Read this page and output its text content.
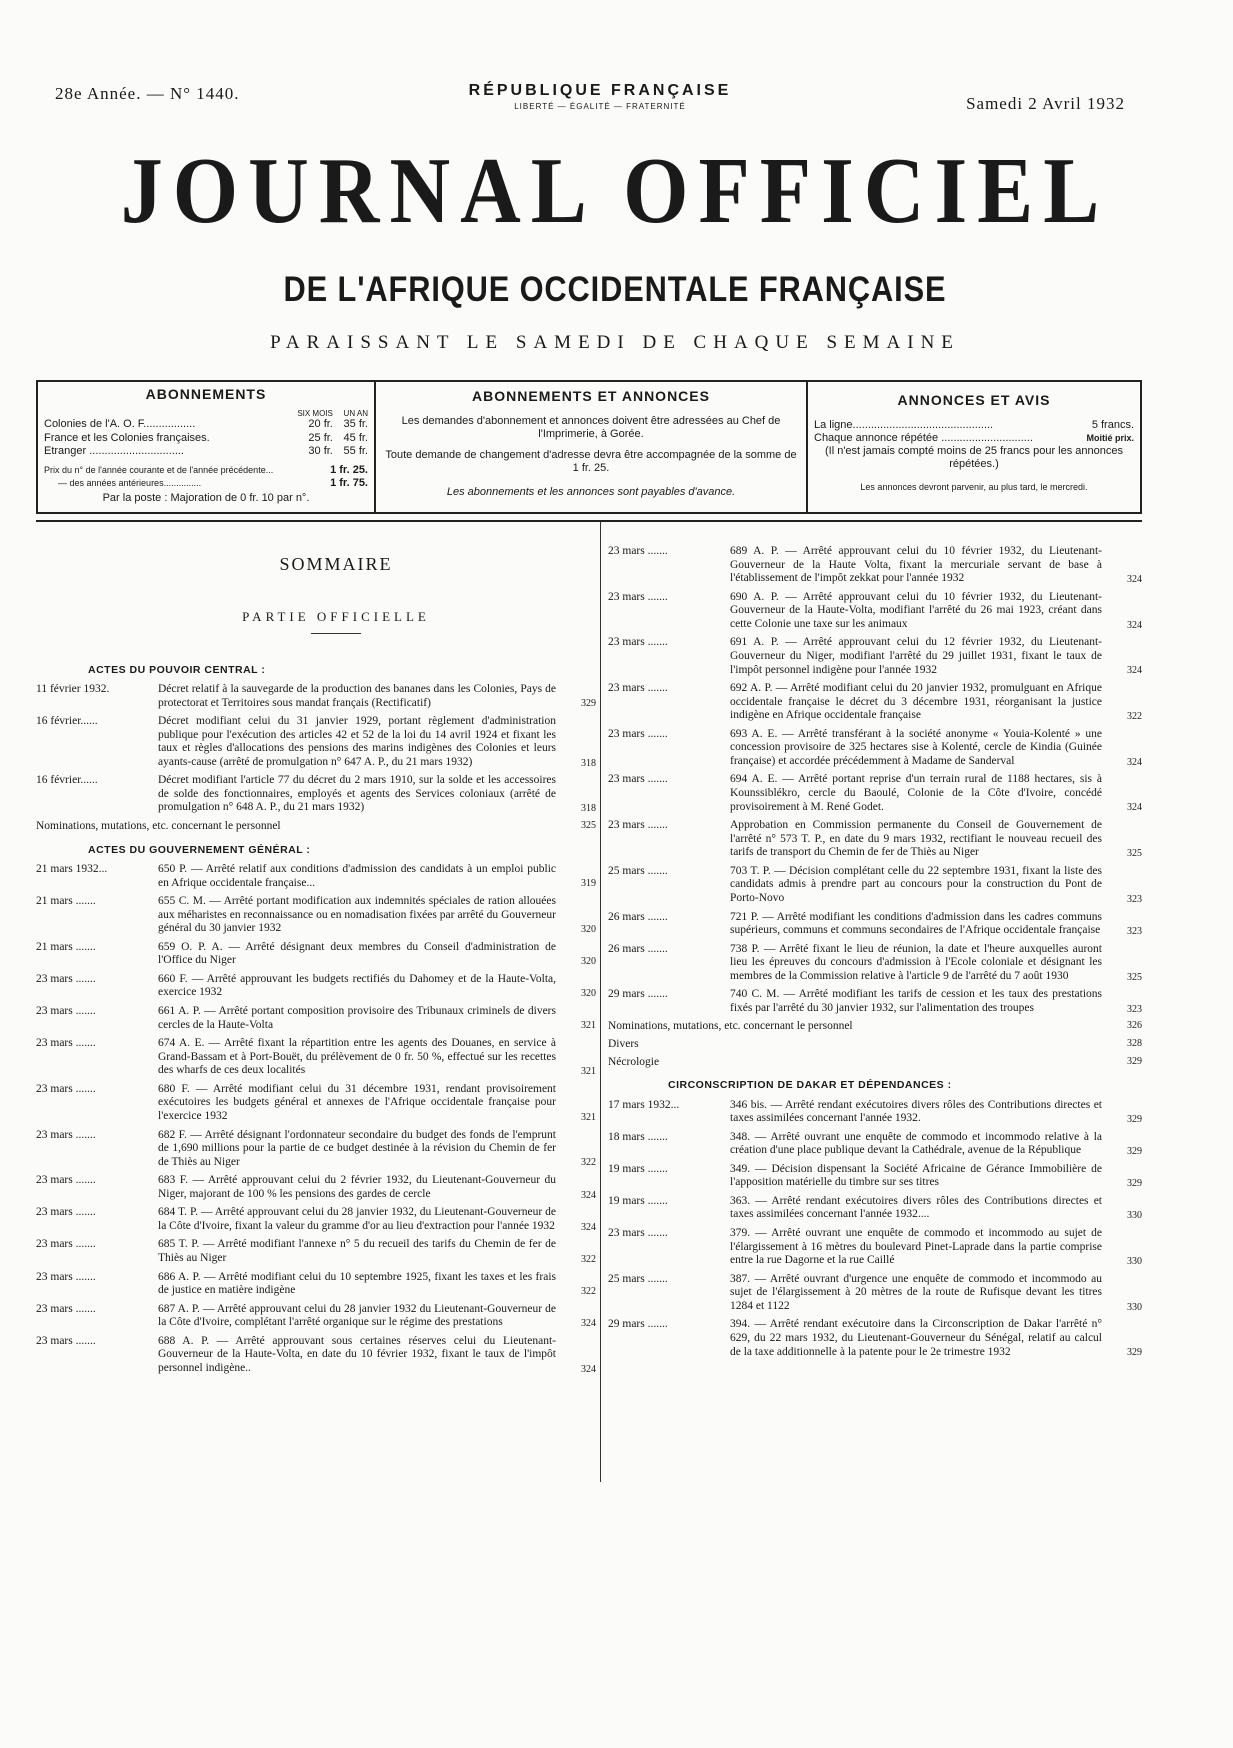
28e Année. — N° 1440.	RÉPUBLIQUE FRANÇAISE
LIBERTÉ — ÉGALITÉ — FRATERNITÉ	Samedi 2 Avril 1932
JOURNAL OFFICIEL
DE L'AFRIQUE OCCIDENTALE FRANÇAISE
PARAISSANT LE SAMEDI DE CHAQUE SEMAINE
ABONNEMENTS
	SIX MOIS	UN AN
Colonies de l'A. O. F.................	20 fr.	35 fr.
France et les Colonies françaises.	25 fr.	45 fr.
Etranger ...............................	30 fr.	55 fr.
Prix du n° de l'année courante et de l'année précédente...	1 fr. 25.
— des années antérieures...............	1 fr. 75.
Par la poste : Majoration de 0 fr. 10 par n°.
ABONNEMENTS ET ANNONCES
Les demandes d'abonnement et annonces doivent être adressées au Chef de l'Imprimerie, à Gorée.
Toute demande de changement d'adresse devra être accompagnée de la somme de 1 fr. 25.
Les abonnements et les annonces sont payables d'avance.
ANNONCES ET AVIS
La ligne..............................................	5 francs.
Chaque annonce répétée ..............................	Moitié prix.
(Il n'est jamais compté moins de 25 francs pour les annonces répétées.)
Les annonces devront parvenir, au plus tard, le mercredi.
SOMMAIRE
PARTIE OFFICIELLE
ACTES DU POUVOIR CENTRAL :
11 février 1932.	Décret relatif à la sauvegarde de la production des bananes dans les Colonies, Pays de protectorat et Territoires sous mandat français (Rectificatif)	329
16 février......	Décret modifiant celui du 31 janvier 1929, portant règlement d'administration publique pour l'exécution des articles 42 et 52 de la loi du 14 avril 1924 et fixant les taux et règles d'allocations des pensions des marins indigènes des Colonies et leurs ayants-cause (arrêté de promulgation n° 647 A. P., du 21 mars 1932)	318
16 février......	Décret modifiant l'article 77 du décret du 2 mars 1910, sur la solde et les accessoires de solde des fonctionnaires, employés et agents des Services coloniaux (arrêté de promulgation n° 648 A. P., du 21 mars 1932)	318
Nominations, mutations, etc. concernant le personnel	325
ACTES DU GOUVERNEMENT GÉNÉRAL :
21 mars 1932...	650 P. — Arrêté relatif aux conditions d'admission des candidats à un emploi public en Afrique occidentale française...	319
21 mars .......	655 C. M. — Arrêté portant modification aux indemnités spéciales de ration allouées aux méharistes en reconnaissance ou en nomadisation fixées par arrêté du Gouverneur général du 30 janvier 1932	320
21 mars .......	659 O. P. A. — Arrêté désignant deux membres du Conseil d'administration de l'Office du Niger	320
23 mars .......	660 F. — Arrêté approuvant les budgets rectifiés du Dahomey et de la Haute-Volta, exercice 1932	320
23 mars .......	661 A. P. — Arrêté portant composition provisoire des Tribunaux criminels de divers cercles de la Haute-Volta	321
23 mars .......	674 A. E. — Arrêté fixant la répartition entre les agents des Douanes, en service à Grand-Bassam et à Port-Bouët, du prélèvement de 0 fr. 50 %, effectué sur les recettes des wharfs de ces deux localités	321
23 mars .......	680 F. — Arrêté modifiant celui du 31 décembre 1931, rendant provisoirement exécutoires les budgets général et annexes de l'Afrique occidentale française pour l'exercice 1932	321
23 mars .......	682 F. — Arrêté désignant l'ordonnateur secondaire du budget des fonds de l'emprunt de 1,690 millions pour la partie de ce budget destinée à la révision du Chemin de fer de Thiès au Niger	322
23 mars .......	683 F. — Arrêté approuvant celui du 2 février 1932, du Lieutenant-Gouverneur du Niger, majorant de 100 % les pensions des gardes de cercle	324
23 mars .......	684 T. P. — Arrêté approuvant celui du 28 janvier 1932, du Lieutenant-Gouverneur de la Côte d'Ivoire, fixant la valeur du gramme d'or au lieu d'extraction pour l'année 1932	324
23 mars .......	685 T. P. — Arrêté modifiant l'annexe n° 5 du recueil des tarifs du Chemin de fer de Thiès au Niger	322
23 mars .......	686 A. P. — Arrêté modifiant celui du 10 septembre 1925, fixant les taxes et les frais de justice en matière indigène	322
23 mars .......	687 A. P. — Arrêté approuvant celui du 28 janvier 1932 du Lieutenant-Gouverneur de la Côte d'Ivoire, complétant l'arrêté organique sur le régime des prestations	324
23 mars .......	688 A. P. — Arrêté approuvant sous certaines réserves celui du Lieutenant-Gouverneur de la Haute-Volta, en date du 10 février 1932, fixant le taux de l'impôt personnel indigène..	324
23 mars .......	689 A. P. — Arrêté approuvant celui du 10 février 1932, du Lieutenant-Gouverneur de la Haute Volta, fixant la mercuriale servant de base à l'établissement de l'impôt zekkat pour l'année 1932	324
23 mars .......	690 A. P. — Arrêté approuvant celui du 10 février 1932, du Lieutenant-Gouverneur de la Haute-Volta, modifiant l'arrêté du 26 mai 1923, créant dans cette Colonie une taxe sur les animaux	324
23 mars .......	691 A. P. — Arrêté approuvant celui du 12 février 1932, du Lieutenant-Gouverneur du Niger, modifiant l'arrêté du 29 juillet 1931, fixant le taux de l'impôt personnel indigène pour l'année 1932	324
23 mars .......	692 A. P. — Arrêté modifiant celui du 20 janvier 1932, promulguant en Afrique occidentale française le décret du 3 décembre 1931, réorganisant la justice indigène en Afrique occidentale française	322
23 mars .......	693 A. E. — Arrêté transférant à la société anonyme « Youia-Kolenté » une concession provisoire de 325 hectares sise à Kolenté, cercle de Kindia (Guinée française) et accordée précédemment à Madame de Sanderval	324
23 mars .......	694 A. E. — Arrêté portant reprise d'un terrain rural de 1188 hectares, sis à Kounssiblékro, cercle du Baoulé, Colonie de la Côte d'Ivoire, concédé provisoirement à M. René Godet.	324
23 mars .......	Approbation en Commission permanente du Conseil de Gouvernement de l'arrêté n° 573 T. P., en date du 9 mars 1932, rectifiant le nouveau recueil des tarifs de transport du Chemin de fer de Thiès au Niger	325
25 mars .......	703 T. P. — Décision complétant celle du 22 septembre 1931, fixant la liste des candidats admis à prendre part au concours pour la construction du Pont de Porto-Novo	323
26 mars .......	721 P. — Arrêté modifiant les conditions d'admission dans les cadres communs supérieurs, communs et communs secondaires de l'Afrique occidentale française	323
26 mars .......	738 P. — Arrêté fixant le lieu de réunion, la date et l'heure auxquelles auront lieu les épreuves du concours d'admission à l'Ecole coloniale et désignant les membres de la Commission relative à l'article 9 de l'arrêté du 7 août 1930	325
29 mars .......	740 C. M. — Arrêté modifiant les tarifs de cession et les taux des prestations fixés par l'arrêté du 30 janvier 1932, sur l'alimentation des troupes	323
Nominations, mutations, etc. concernant le personnel	326
Divers	328
Nécrologie	329
CIRCONSCRIPTION DE DAKAR ET DÉPENDANCES :
17 mars 1932...	346 bis. — Arrêté rendant exécutoires divers rôles des Contributions directes et taxes assimilées concernant l'année 1932.	329
18 mars .......	348. — Arrêté ouvrant une enquête de commodo et incommodo relative à la création d'une place publique devant la Cathédrale, avenue de la République	329
19 mars .......	349. — Décision dispensant la Société Africaine de Gérance Immobilière de l'apposition matérielle du timbre sur ses titres	329
19 mars .......	363. — Arrêté rendant exécutoires divers rôles des Contributions directes et taxes assimilées concernant l'année 1932....	330
23 mars .......	379. — Arrêté ouvrant une enquête de commodo et incommodo au sujet de l'élargissement à 16 mètres du boulevard Pinet-Laprade dans la partie comprise entre la rue Dagorne et la rue Caillé	330
25 mars .......	387. — Arrêté ouvrant d'urgence une enquête de commodo et incommodo au sujet de l'élargissement à 20 mètres de la route de Rufisque devant les titres 1284 et 1122	330
29 mars .......	394. — Arrêté rendant exécutoire dans la Circonscription de Dakar l'arrêté n° 629, du 22 mars 1932, du Lieutenant-Gouverneur du Sénégal, relatif au calcul de la taxe additionnelle à la patente pour le 2e trimestre 1932	329
